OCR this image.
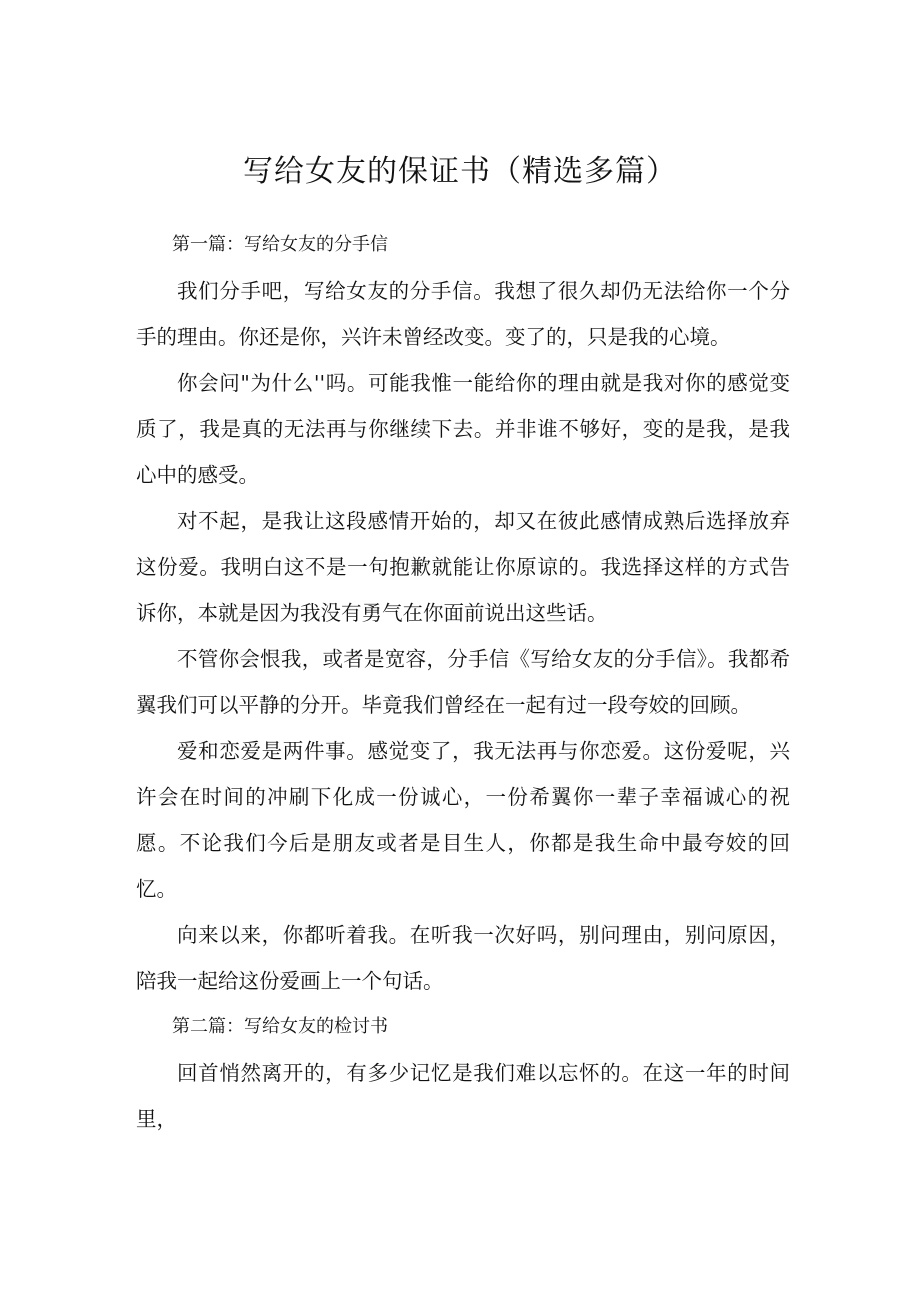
写给女友的保证书（精选多篇）

第一篇：写给女友的分手信

我们分手吧，写给女友的分手信。我想了很久却仍无法给你一个分手的理由。你还是你，兴许未曾经改变。变了的，只是我的心境。

你会问"为什么''吗。可能我惟一能给你的理由就是我对你的感觉变质了，我是真的无法再与你继续下去。并非谁不够好，变的是我，是我心中的感受。

对不起，是我让这段感情开始的，却又在彼此感情成熟后选择放弃这份爱。我明白这不是一句抱歉就能让你原谅的。我选择这样的方式告诉你，本就是因为我没有勇气在你面前说出这些话。

不管你会恨我，或者是宽容，分手信《写给女友的分手信》。我都希翼我们可以平静的分开。毕竟我们曾经在一起有过一段夸姣的回顾。

爱和恋爱是两件事。感觉变了，我无法再与你恋爱。这份爱呢，兴许会在时间的冲刷下化成一份诚心，一份希翼你一辈子幸福诚心的祝愿。不论我们今后是朋友或者是目生人，你都是我生命中最夸姣的回忆。

向来以来，你都听着我。在听我一次好吗，别问理由，别问原因，陪我一起给这份爱画上一个句话。

第二篇：写给女友的检讨书

回首悄然离开的，有多少记忆是我们难以忘怀的。在这一年的时间里，
